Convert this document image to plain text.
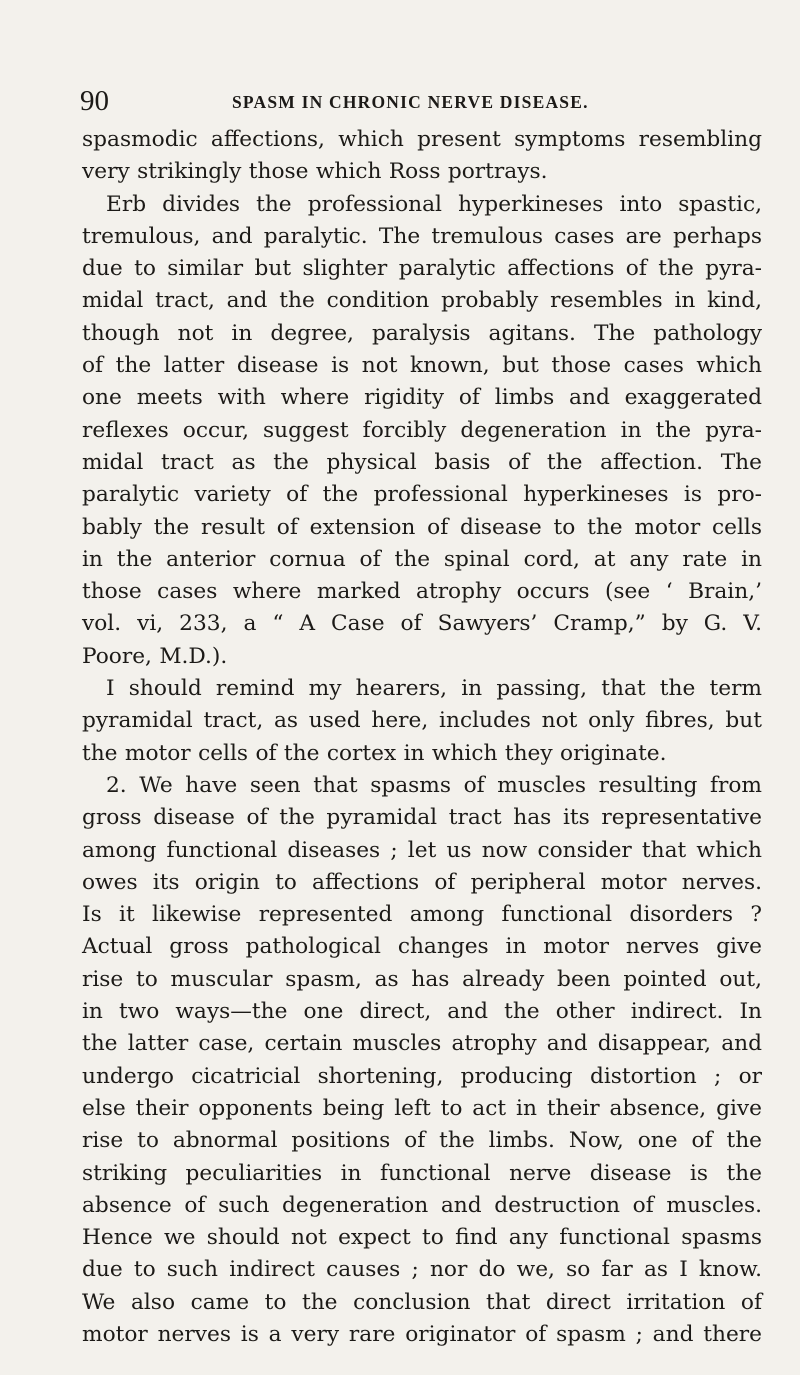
90	SPASM IN CHRONIC NERVE DISEASE.
spasmodic affections, which present symptoms resembling
very strikingly those which Ross portrays.
Erb divides the professional hyperkineses into spastic,
tremulous, and paralytic. The tremulous cases are perhaps
due to similar but slighter paralytic affections of the pyra-
midal tract, and the condition probably resembles in kind,
though not in degree, paralysis agitans. The pathology
of the latter disease is not known, but those cases which
one meets with where rigidity of limbs and exaggerated
reflexes occur, suggest forcibly degeneration in the pyra-
midal tract as the physical basis of the affection. The
paralytic variety of the professional hyperkineses is pro-
bably the result of extension of disease to the motor cells
in the anterior cornua of the spinal cord, at any rate in
those cases where marked atrophy occurs (see ‘ Brain,’
vol. vi, 233, a “ A Case of Sawyers’ Cramp,” by G. V.
Poore, M.D.).
I should remind my hearers, in passing, that the term
pyramidal tract, as used here, includes not only fibres, but
the motor cells of the cortex in which they originate.
2. We have seen that spasms of muscles resulting from
gross disease of the pyramidal tract has its representative
among functional diseases ; let us now consider that which
owes its origin to affections of peripheral motor nerves.
Is it likewise represented among functional disorders ?
Actual gross pathological changes in motor nerves give
rise to muscular spasm, as has already been pointed out,
in two ways—the one direct, and the other indirect. In
the latter case, certain muscles atrophy and disappear, and
undergo cicatricial shortening, producing distortion ; or
else their opponents being left to act in their absence, give
rise to abnormal positions of the limbs. Now, one of the
striking peculiarities in functional nerve disease is the
absence of such degeneration and destruction of muscles.
Hence we should not expect to find any functional spasms
due to such indirect causes ; nor do we, so far as I know.
We also came to the conclusion that direct irritation of
motor nerves is a very rare originator of spasm ; and there
